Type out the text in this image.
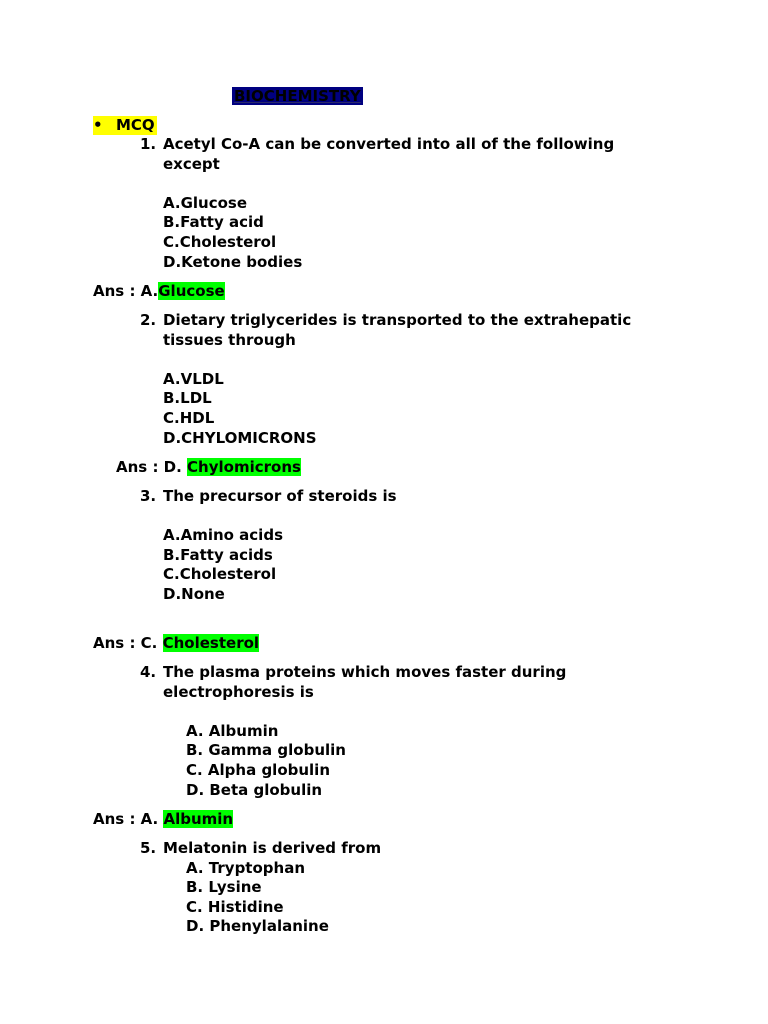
BIOCHEMISTRY
• MCQ
1. Acetyl Co-A can be converted into all of the following
except
A.Glucose
B.Fatty acid
C.Cholesterol
D.Ketone bodies
Ans : A.Glucose
2. Dietary triglycerides is transported to the extrahepatic
tissues through
A.VLDL
B.LDL
C.HDL
D.CHYLOMICRONS
Ans : D. Chylomicrons
3. The precursor of steroids is
A.Amino acids
B.Fatty acids
C.Cholesterol
D.None
Ans : C. Cholesterol
4. The plasma proteins which moves faster during
electrophoresis is
A. Albumin
B. Gamma globulin
C. Alpha globulin
D. Beta globulin
Ans : A. Albumin
5. Melatonin is derived from
A. Tryptophan
B. Lysine
C. Histidine
D. Phenylalanine
